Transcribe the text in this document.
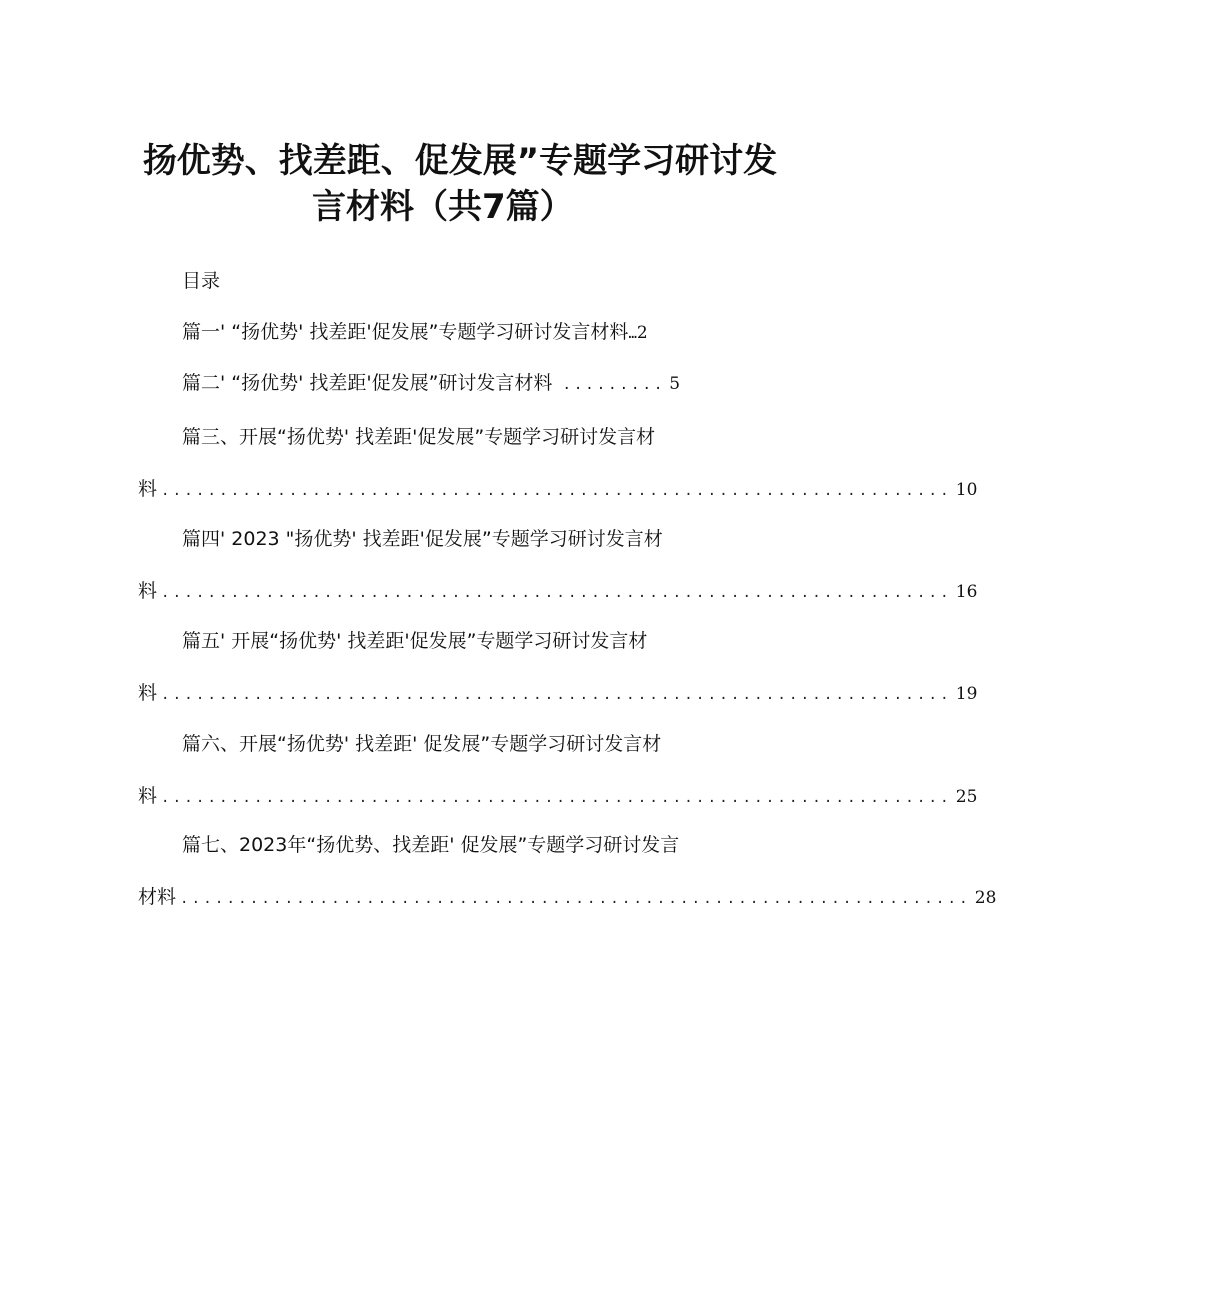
扬优势、找差距、促发展”专题学习研讨发
言材料（共7篇）
目录
篇一' “扬优势' 找差距'促发展”专题学习研讨发言材料 … 2
篇二' “扬优势' 找差距'促发展”研讨发言材料 ......... 5
篇三、开展“扬优势' 找差距'促发展”专题学习研讨发言材
料 .................................................................... 10
篇四' 2023 "扬优势' 找差距'促发展”专题学习研讨发言材
料 .................................................................... 16
篇五' 开展“扬优势' 找差距'促发展”专题学习研讨发言材
料 .................................................................... 19
篇六、开展“扬优势' 找差距' 促发展”专题学习研讨发言材
料 .................................................................... 25
篇七、2023年“扬优势、找差距' 促发展”专题学习研讨发言
材料 .................................................................... 28
